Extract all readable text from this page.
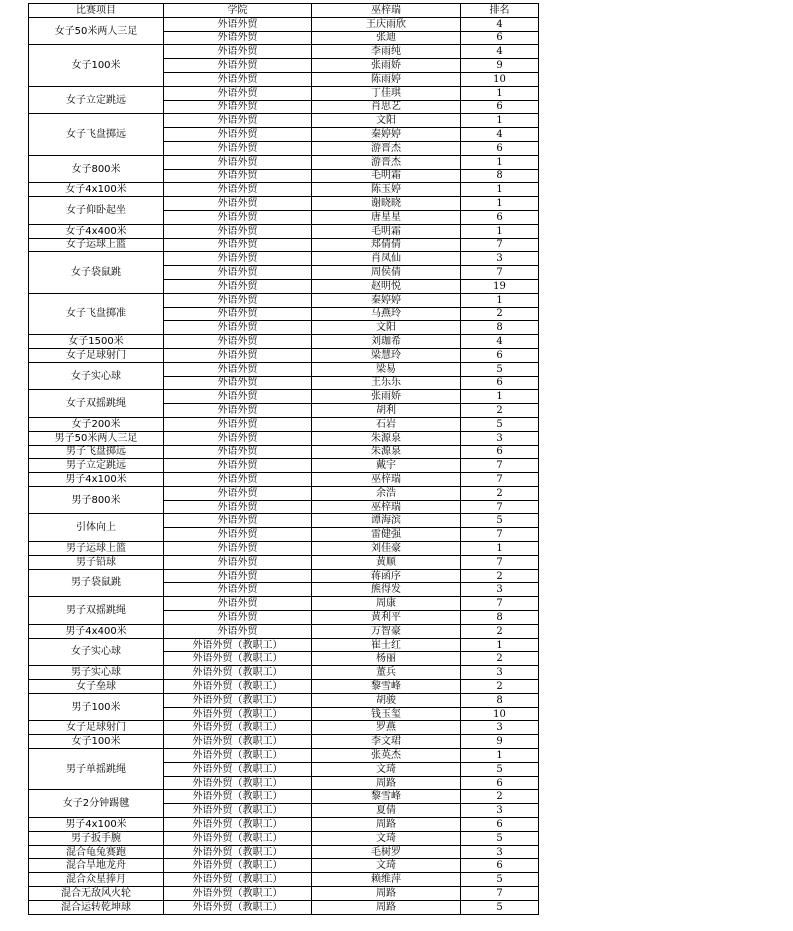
比赛项目	学院	巫梓瑞	排名
女子50米两人三足	外语外贸	王庆雨欣	4
	外语外贸	张迪	6
女子100米	外语外贸	李雨纯	4
	外语外贸	张雨娇	9
	外语外贸	陈雨婷	10
女子立定跳远	外语外贸	丁佳琪	1
	外语外贸	肖思艺	6
女子飞盘掷远	外语外贸	文阳	1
	外语外贸	秦婷婷	4
	外语外贸	游晋杰	6
女子800米	外语外贸	游晋杰	1
	外语外贸	毛明霜	8
女子4x100米	外语外贸	陈玉婷	1
女子仰卧起坐	外语外贸	谢晓晓	1
	外语外贸	唐星星	6
女子4x400米	外语外贸	毛明霜	1
女子运球上篮	外语外贸	郑倩倩	7
女子袋鼠跳	外语外贸	肖凤仙	3
	外语外贸	周侯倩	7
	外语外贸	赵明悦	19
女子飞盘掷准	外语外贸	秦婷婷	1
	外语外贸	马燕玲	2
	外语外贸	文阳	8
女子1500米	外语外贸	刘珈希	4
女子足球射门	外语外贸	梁慧玲	6
女子实心球	外语外贸	梁易	5
	外语外贸	王乐乐	6
女子双摇跳绳	外语外贸	张雨娇	1
	外语外贸	胡利	2
女子200米	外语外贸	石岩	5
男子50米两人三足	外语外贸	朱源泉	3
男子飞盘掷远	外语外贸	朱源泉	6
男子立定跳远	外语外贸	戴宇	7
男子4x100米	外语外贸	巫梓瑞	7
男子800米	外语外贸	余浩	2
	外语外贸	巫梓瑞	7
引体向上	外语外贸	谭海滨	5
	外语外贸	雷健强	7
男子运球上篮	外语外贸	刘佳豪	1
男子铅球	外语外贸	黄顺	7
男子袋鼠跳	外语外贸	蒋函序	2
	外语外贸	熊得发	3
男子双摇跳绳	外语外贸	周康	7
	外语外贸	黄利平	8
男子4x400米	外语外贸	万智豪	2
女子实心球	外语外贸（教职工）	崔士红	1
	外语外贸（教职工）	杨丽	2
男子实心球	外语外贸（教职工）	董兵	3
女子垒球	外语外贸（教职工）	黎雪峰	2
男子100米	外语外贸（教职工）	胡骏	8
	外语外贸（教职工）	钱玉玺	10
女子足球射门	外语外贸（教职工）	罗燕	3
女子100米	外语外贸（教职工）	李文珺	9
男子单摇跳绳	外语外贸（教职工）	张英杰	1
	外语外贸（教职工）	文琦	5
	外语外贸（教职工）	周路	6
女子2分钟踢毽	外语外贸（教职工）	黎雪峰	2
	外语外贸（教职工）	夏倩	3
男子4x100米	外语外贸（教职工）	周路	6
男子扳手腕	外语外贸（教职工）	文琦	5
混合龟兔赛跑	外语外贸（教职工）	毛树罗	3
混合旱地龙舟	外语外贸（教职工）	文琦	6
混合众星捧月	外语外贸（教职工）	赖维萍	5
混合无敌风火轮	外语外贸（教职工）	周路	7
混合运转乾坤球	外语外贸（教职工）	周路	5
